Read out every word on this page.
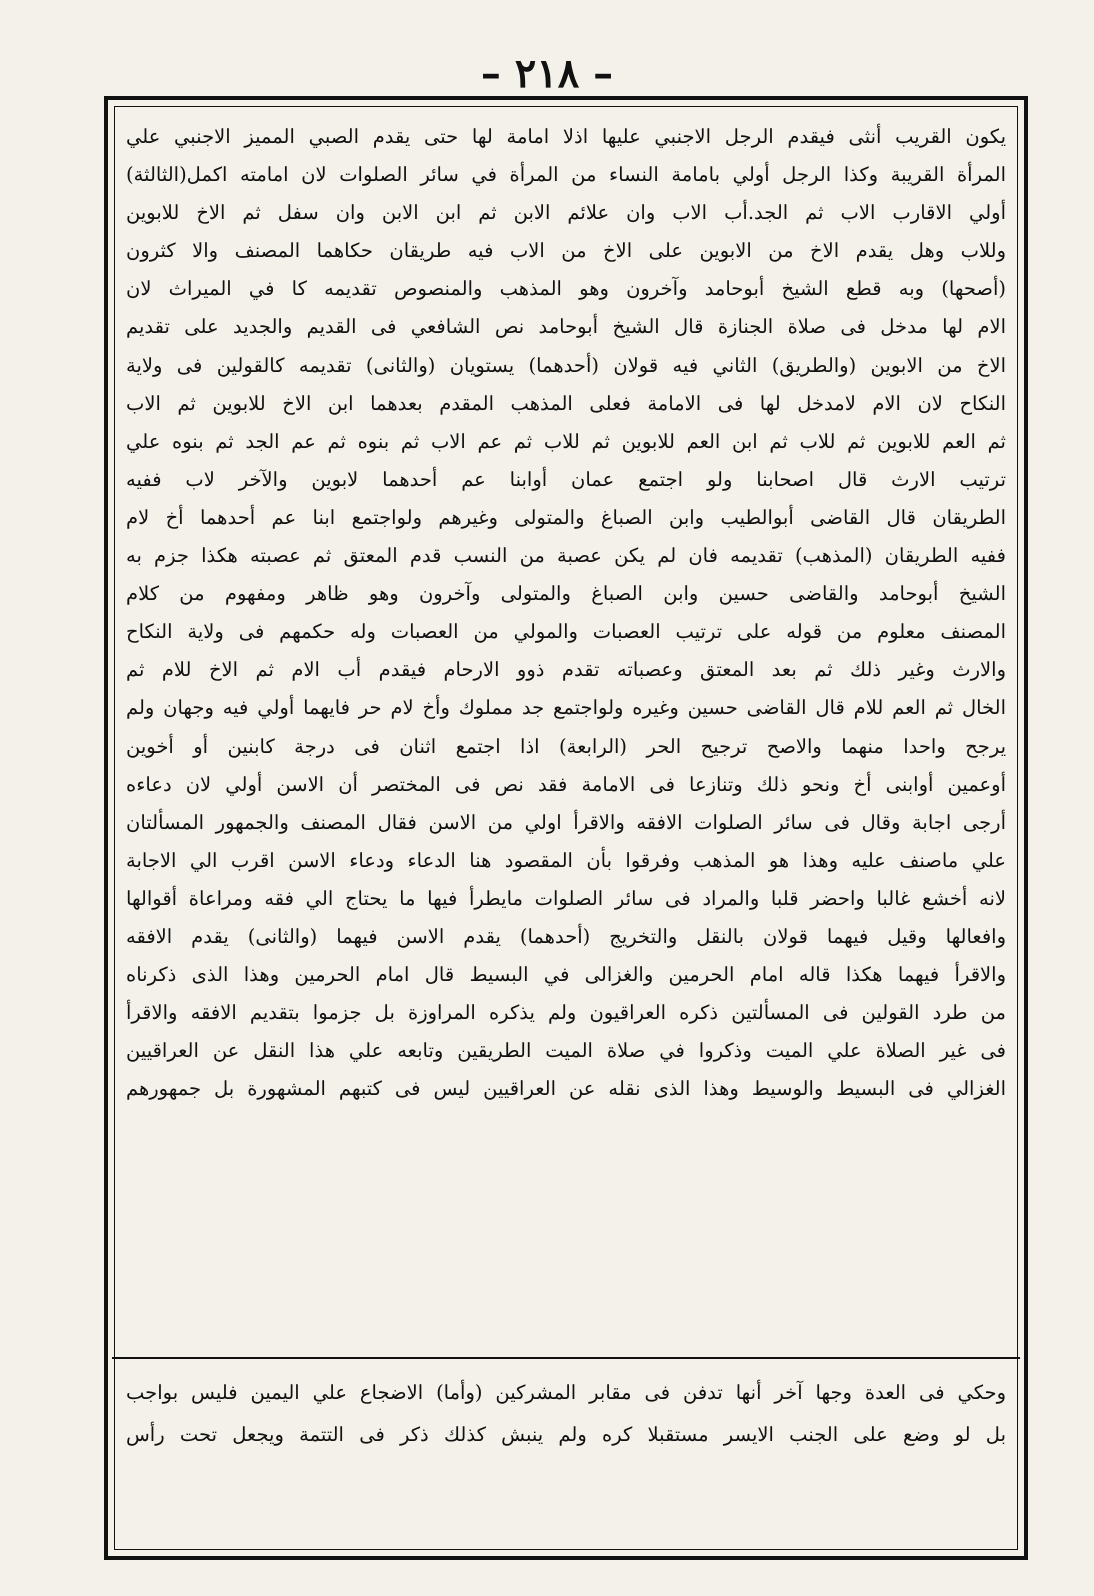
– ٢١٨ –
يكون القريب أنثى فيقدم الرجل الاجنبي عليها اذلا امامة لها حتى يقدم الصبي المميز الاجنبي علي
المرأة القريبة وكذا الرجل أولي بامامة النساء من المرأة في سائر الصلوات لان امامته اكمل(الثالثة)
أولي الاقارب الاب ثم الجد.أب الاب وان علائم الابن ثم ابن الابن وان سفل ثم الاخ للابوين
وللاب وهل يقدم الاخ من الابوين على الاخ من الاب فيه طريقان حكاهما المصنف والا كثرون
(أصحها) وبه قطع الشيخ أبوحامد وآخرون وهو المذهب والمنصوص تقديمه كا في الميراث لان
الام لها مدخل فى صلاة الجنازة قال الشيخ أبوحامد نص الشافعي فى القديم والجديد على تقديم
الاخ من الابوين (والطريق) الثاني فيه قولان (أحدهما) يستويان (والثانى) تقديمه كالقولين فى ولاية
النكاح لان الام لامدخل لها فى الامامة فعلى المذهب المقدم بعدهما ابن الاخ للابوين ثم الاب
ثم العم للابوين ثم للاب ثم ابن العم للابوين ثم للاب ثم عم الاب ثم بنوه ثم عم الجد ثم بنوه علي
ترتيب الارث قال اصحابنا ولو اجتمع عمان أوابنا عم أحدهما لابوين والآخر لاب ففيه
الطريقان قال القاضى أبوالطيب وابن الصباغ والمتولى وغيرهم ولواجتمع ابنا عم أحدهما أخ لام
ففيه الطريقان (المذهب) تقديمه فان لم يكن عصبة من النسب قدم المعتق ثم عصبته هكذا جزم به
الشيخ أبوحامد والقاضى حسين وابن الصباغ والمتولى وآخرون وهو ظاهر ومفهوم من كلام
المصنف معلوم من قوله على ترتيب العصبات والمولي من العصبات وله حكمهم فى ولاية النكاح
والارث وغير ذلك ثم بعد المعتق وعصباته تقدم ذوو الارحام فيقدم أب الام ثم الاخ للام ثم
الخال ثم العم للام قال القاضى حسين وغيره ولواجتمع جد مملوك وأخ لام حر فايهما أولي فيه وجهان ولم
يرجح واحدا منهما والاصح ترجيح الحر (الرابعة) اذا اجتمع اثنان فى درجة كابنين أو أخوين
أوعمين أوابنى أخ ونحو ذلك وتنازعا فى الامامة فقد نص فى المختصر أن الاسن أولي لان دعاءه
أرجى اجابة وقال فى سائر الصلوات الافقه والاقرأ اولي من الاسن فقال المصنف والجمهور المسألتان
علي ماصنف عليه وهذا هو المذهب وفرقوا بأن المقصود هنا الدعاء ودعاء الاسن اقرب الي الاجابة
لانه أخشع غالبا واحضر قلبا والمراد فى سائر الصلوات مايطرأ فيها ما يحتاج الي فقه ومراعاة أقوالها
وافعالها وقيل فيهما قولان بالنقل والتخريج (أحدهما) يقدم الاسن فيهما (والثانى) يقدم الافقه
والاقرأ فيهما هكذا قاله امام الحرمين والغزالى في البسيط قال امام الحرمين وهذا الذى ذكرناه
من طرد القولين فى المسألتين ذكره العراقيون ولم يذكره المراوزة بل جزموا بتقديم الافقه والاقرأ
فى غير الصلاة علي الميت وذكروا في صلاة الميت الطريقين وتابعه علي هذا النقل عن العراقيين
الغزالي فى البسيط والوسيط وهذا الذى نقله عن العراقيين ليس فى كتبهم المشهورة بل جمهورهم
وحكي فى العدة وجها آخر أنها تدفن فى مقابر المشركين (وأما) الاضجاع علي اليمين فليس بواجب
بل لو وضع على الجنب الايسر مستقبلا كره ولم ينبش كذلك ذكر فى التتمة ويجعل تحت رأس
